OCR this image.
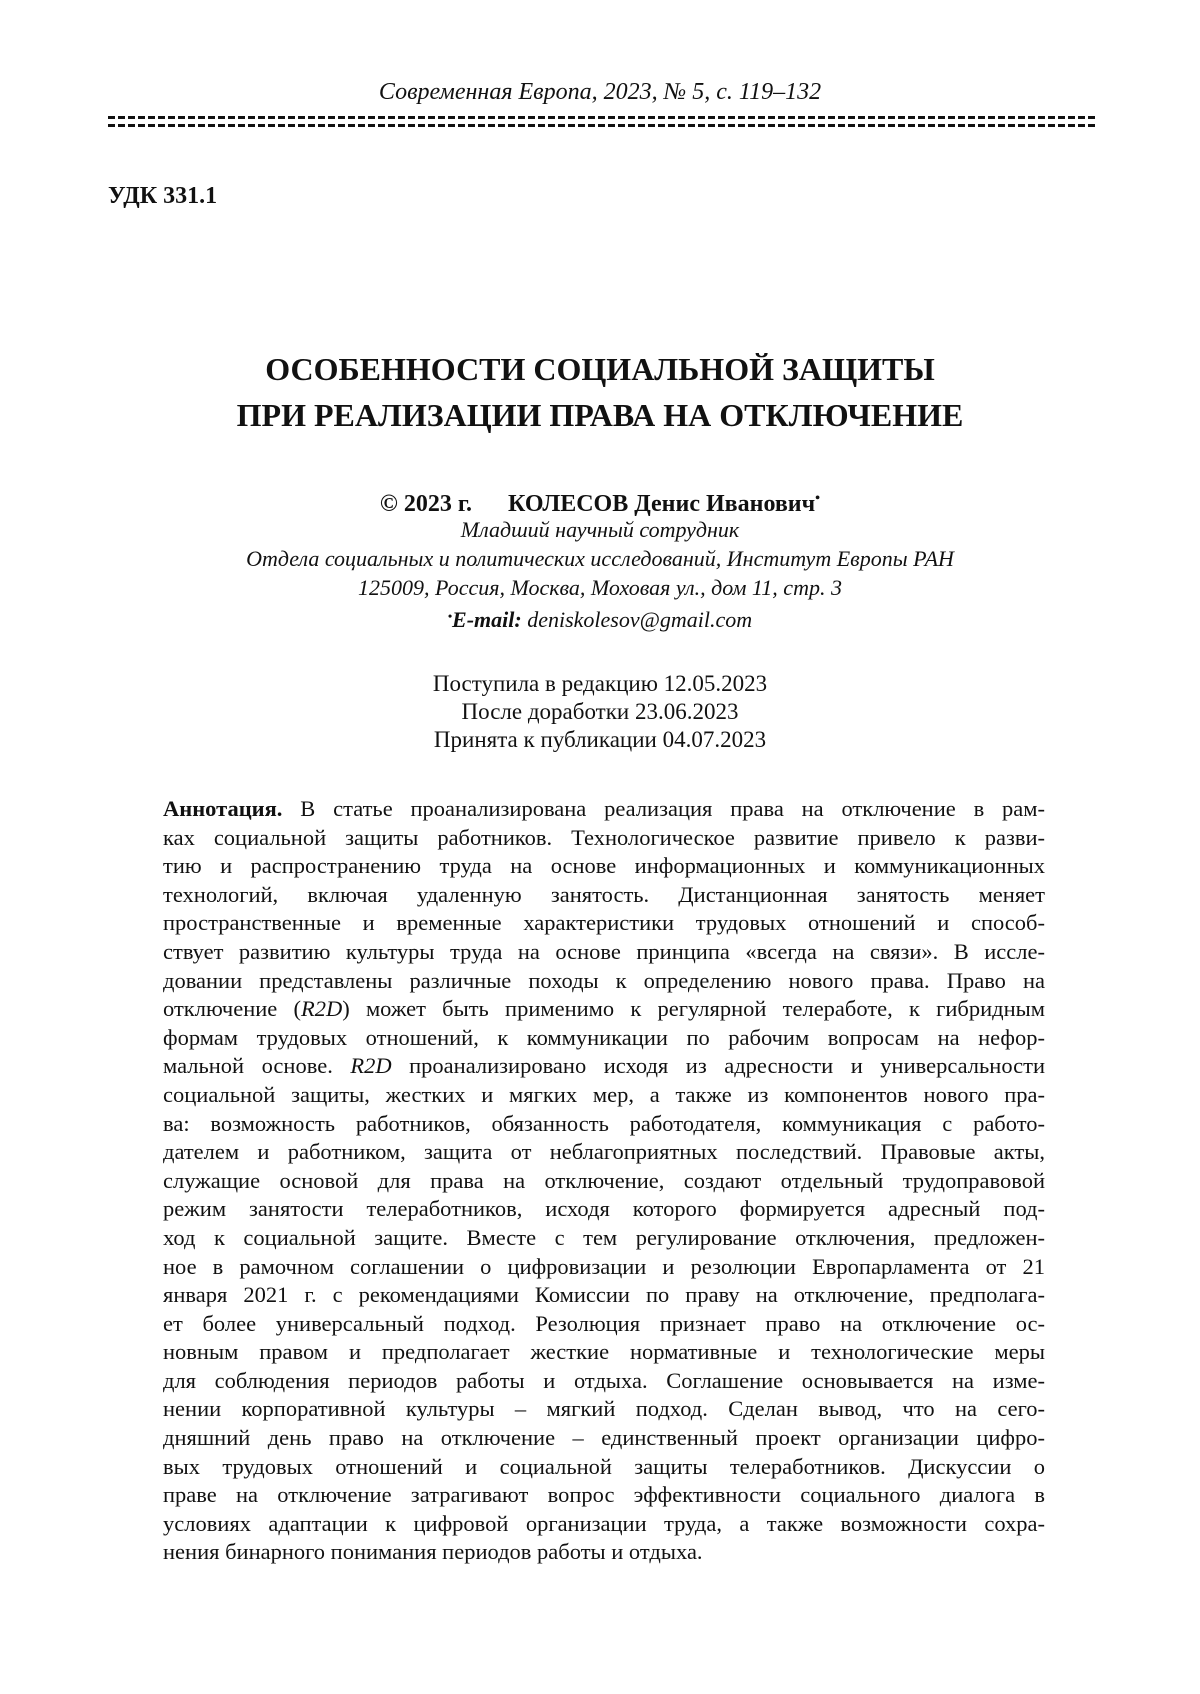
Современная Европа, 2023, № 5, с. 119–132
УДК 331.1
ОСОБЕННОСТИ СОЦИАЛЬНОЙ ЗАЩИТЫ
ПРИ РЕАЛИЗАЦИИ ПРАВА НА ОТКЛЮЧЕНИЕ
© 2023 г. КОЛЕСОВ Денис Иванович•
Младший научный сотрудник
Отдела социальных и политических исследований, Институт Европы РАН
125009, Россия, Москва, Моховая ул., дом 11, стр. 3
•E-mail: deniskolesov@gmail.com
Поступила в редакцию 12.05.2023
После доработки 23.06.2023
Принята к публикации 04.07.2023
Аннотация. В статье проанализирована реализация права на отключение в рам-
ках социальной защиты работников. Технологическое развитие привело к разви-
тию и распространению труда на основе информационных и коммуникационных
технологий, включая удаленную занятость. Дистанционная занятость меняет
пространственные и временные характеристики трудовых отношений и способ-
ствует развитию культуры труда на основе принципа «всегда на связи». В иссле-
довании представлены различные походы к определению нового права. Право на
отключение (R2D) может быть применимо к регулярной телеработе, к гибридным
формам трудовых отношений, к коммуникации по рабочим вопросам на нефор-
мальной основе. R2D проанализировано исходя из адресности и универсальности
социальной защиты, жестких и мягких мер, а также из компонентов нового пра-
ва: возможность работников, обязанность работодателя, коммуникация с работо-
дателем и работником, защита от неблагоприятных последствий. Правовые акты,
служащие основой для права на отключение, создают отдельный трудоправовой
режим занятости телеработников, исходя которого формируется адресный под-
ход к социальной защите. Вместе с тем регулирование отключения, предложен-
ное в рамочном соглашении о цифровизации и резолюции Европарламента от 21
января 2021 г. с рекомендациями Комиссии по праву на отключение, предполага-
ет более универсальный подход. Резолюция признает право на отключение ос-
новным правом и предполагает жесткие нормативные и технологические меры
для соблюдения периодов работы и отдыха. Соглашение основывается на изме-
нении корпоративной культуры – мягкий подход. Сделан вывод, что на сего-
дняшний день право на отключение – единственный проект организации цифро-
вых трудовых отношений и социальной защиты телеработников. Дискуссии о
праве на отключение затрагивают вопрос эффективности социального диалога в
условиях адаптации к цифровой организации труда, а также возможности сохра-
нения бинарного понимания периодов работы и отдыха.
